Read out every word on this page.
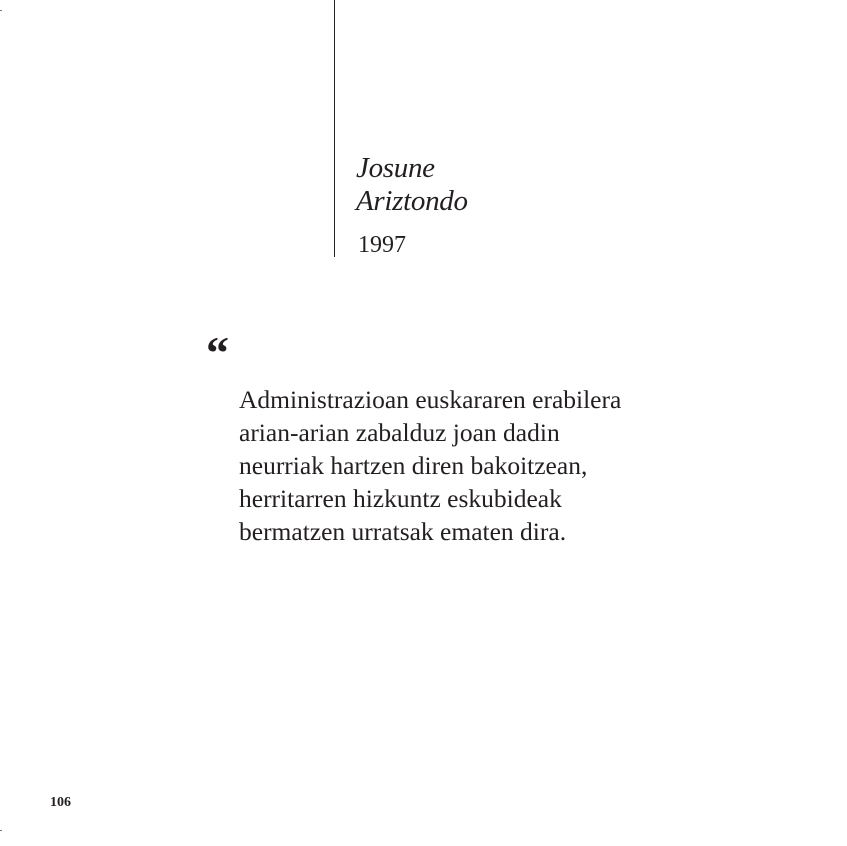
Josune
Ariztondo
1997
“
Administrazioan euskararen erabilera
arian-arian zabalduz joan dadin
neurriak hartzen diren bakoitzean,
herritarren hizkuntz eskubideak
bermatzen urratsak ematen dira.
106
